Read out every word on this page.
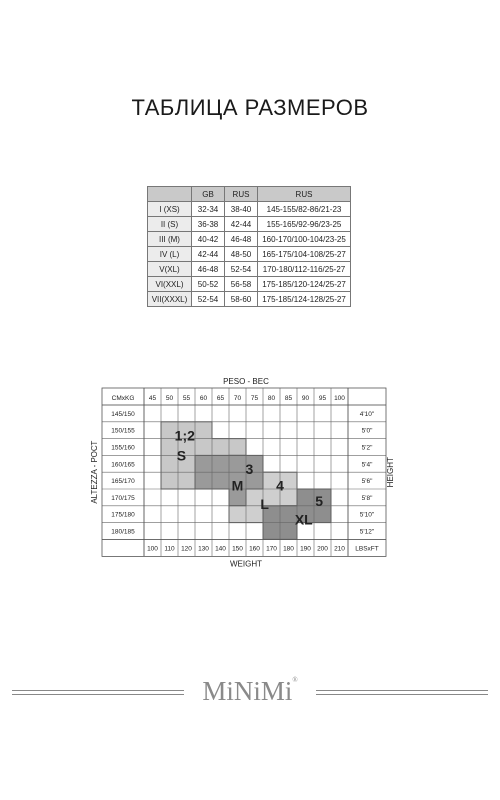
ТАБЛИЦА РАЗМЕРОВ
	GB	RUS	RUS
I (XS)	32-34	38-40	145-155/82-86/21-23
II (S)	36-38	42-44	155-165/92-96/23-25
III (M)	40-42	46-48	160-170/100-104/23-25
IV (L)	42-44	48-50	165-175/104-108/25-27
V(XL)	46-48	52-54	170-180/112-116/25-27
VI(XXL)	50-52	56-58	175-185/120-124/25-27
VII(XXXL)	52-54	58-60	175-185/124-128/25-27
45 50 55 60 65 70 75 80 85 90 95 100
100 110 120 130 140 150 160 170 180 190 200 210
145/150
150/155
155/160
160/165
165/170
170/175
175/180
180/185
4'10"
5'0"
5'2"
5'4"
5'6"
5'8"
5'10"
5'12"
CMxKG
LBSxFT
PESO - ВЕС
WEIGHT
ALTEZZA - РОСТ	HEIGHT
1;2
S
3
M 4
L	5
XL
MiNiMi®
